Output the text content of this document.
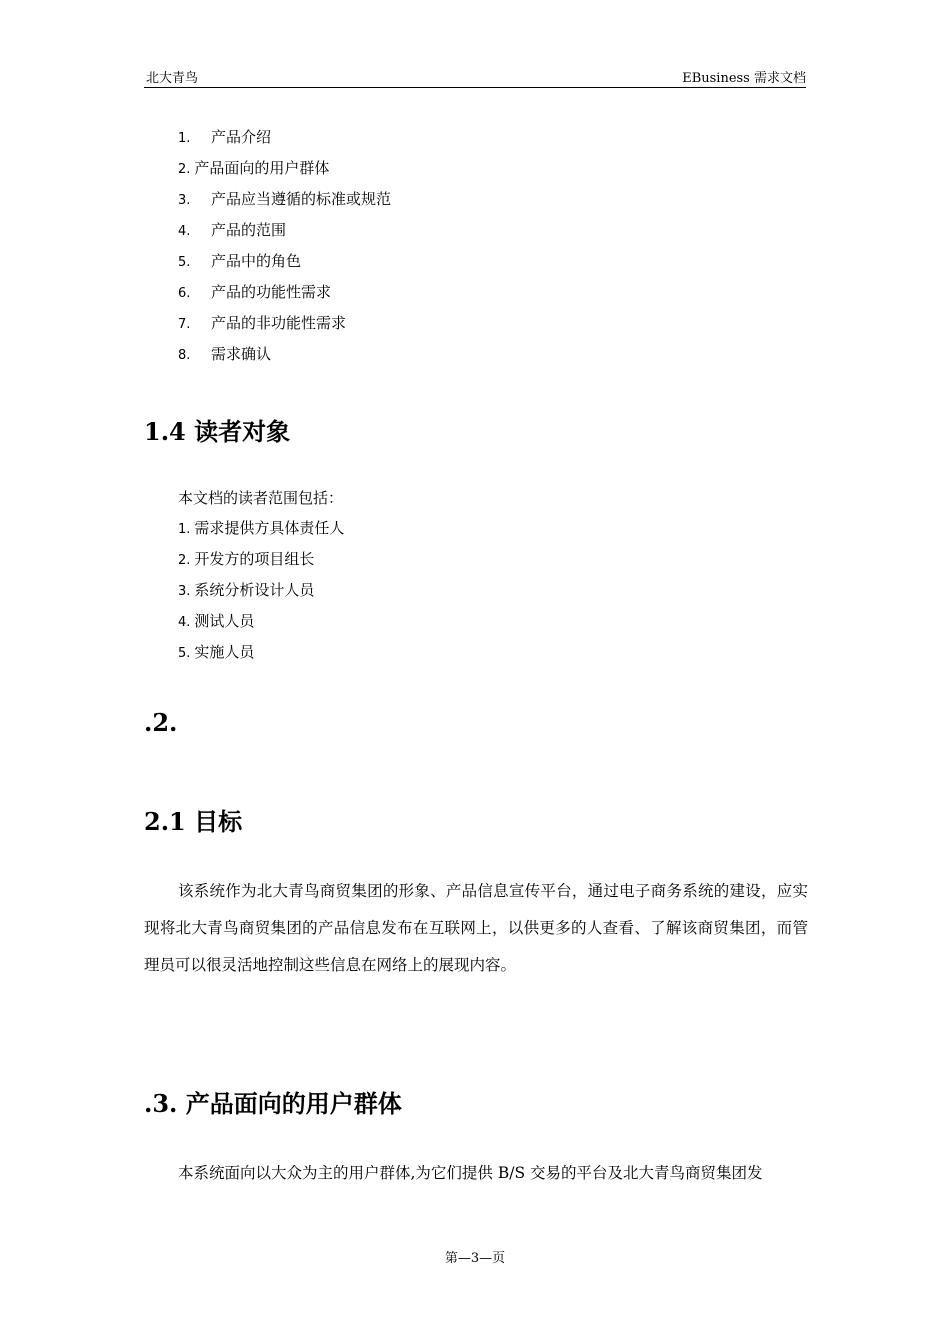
北大青鸟	EBusiness 需求文档
1. 产品介绍
2. 产品面向的用户群体
3. 产品应当遵循的标准或规范
4. 产品的范围
5. 产品中的角色
6. 产品的功能性需求
7. 产品的非功能性需求
8. 需求确认
1.4 读者对象
本文档的读者范围包括：
1. 需求提供方具体责任人
2. 开发方的项目组长
3. 系统分析设计人员
4. 测试人员
5. 实施人员
.2.
2.1 目标

该系统作为北大青鸟商贸集团的形象、产品信息宣传平台，通过电子商务系统的建设，应实现将北大青鸟商贸集团的产品信息发布在互联网上，以供更多的人查看、了解该商贸集团，而管理员可以很灵活地控制这些信息在网络上的展现内容。

.3. 产品面向的用户群体

本系统面向以大众为主的用户群体,为它们提供 B/S 交易的平台及北大青鸟商贸集团发

第—3—页
